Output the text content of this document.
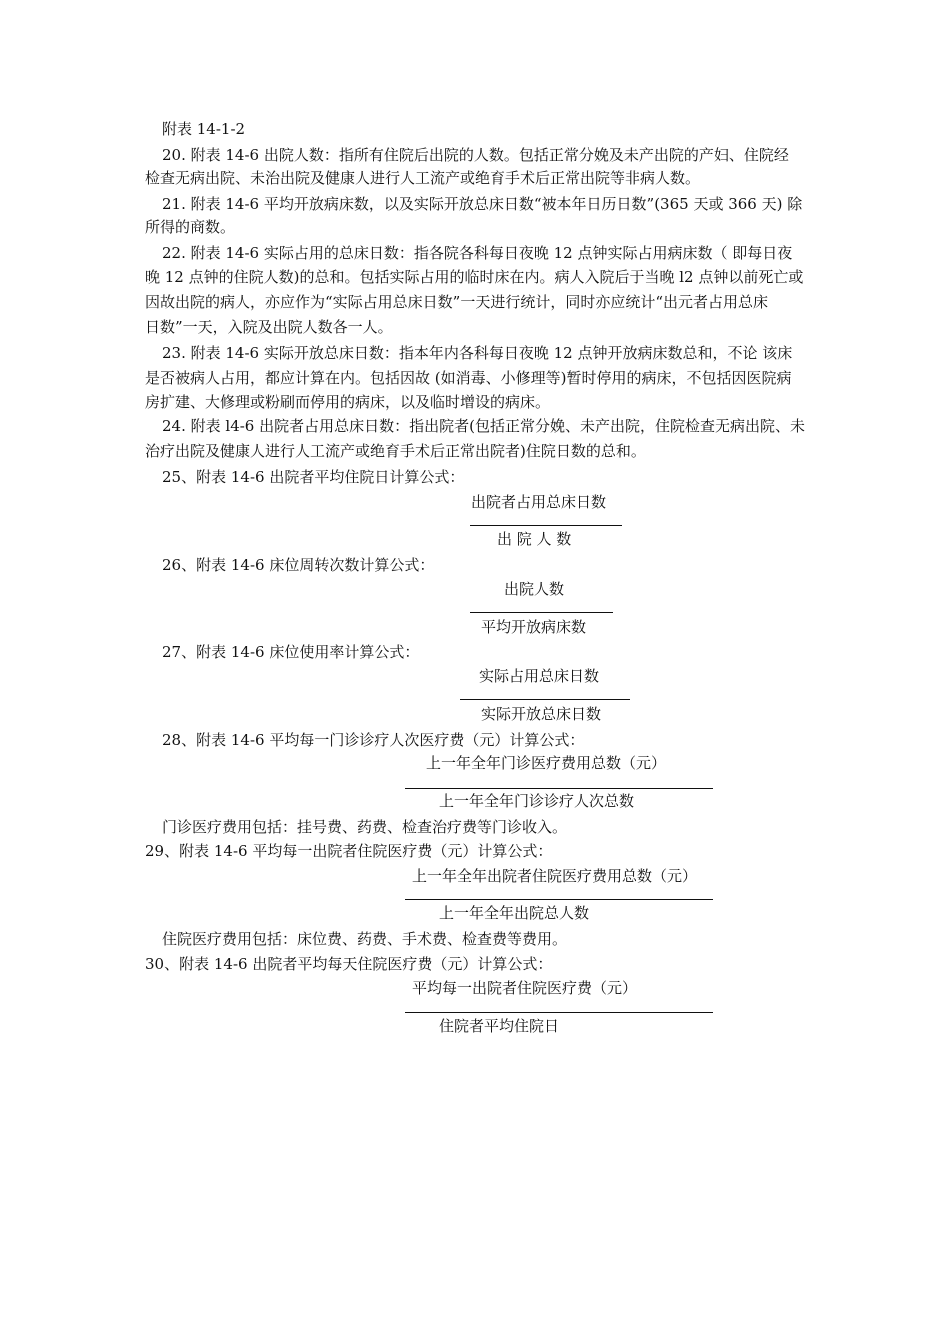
附表 14-1-2
20. 附表 14-6 出院人数：指所有住院后出院的人数。包括正常分娩及未产出院的产妇、住院经
检查无病出院、未治出院及健康人进行人工流产或绝育手术后正常出院等非病人数。
21. 附表 14-6 平均开放病床数，以及实际开放总床日数“被本年日历日数”(365 天或 366 天) 除
所得的商数。
22. 附表 14-6 实际占用的总床日数：指各院各科每日夜晚 12 点钟实际占用病床数（ 即每日夜
晚 12 点钟的住院人数)的总和。包括实际占用的临时床在内。病人入院后于当晚 l2 点钟以前死亡或
因故出院的病人，亦应作为“实际占用总床日数”一天进行统计，同时亦应统计“出元者占用总床
日数”一天，入院及出院人数各一人。
23. 附表 14-6 实际开放总床日数：指本年内各科每日夜晚 12 点钟开放病床数总和，不论 该床
是否被病人占用，都应计算在内。包括因故 (如消毒、小修理等)暂时停用的病床，不包括因医院病
房扩建、大修理或粉刷而停用的病床，以及临时增设的病床。
24. 附表 l4-6 出院者占用总床日数：指出院者(包括正常分娩、未产出院，住院检查无病出院、未
治疗出院及健康人进行人工流产或绝育手术后正常出院者)住院日数的总和。
25、附表 14-6 出院者平均住院日计算公式：
出院者占用总床日数
出 院 人 数
26、附表 14-6 床位周转次数计算公式：
出院人数
平均开放病床数
27、附表 14-6 床位使用率计算公式：
实际占用总床日数
实际开放总床日数
28、附表 14-6 平均每一门诊诊疗人次医疗费（元）计算公式：
上一年全年门诊医疗费用总数（元）
上一年全年门诊诊疗人次总数
门诊医疗费用包括：挂号费、药费、检查治疗费等门诊收入。
29、附表 14-6 平均每一出院者住院医疗费（元）计算公式：
上一年全年出院者住院医疗费用总数（元）
上一年全年出院总人数
住院医疗费用包括：床位费、药费、手术费、检查费等费用。
30、附表 14-6 出院者平均每天住院医疗费（元）计算公式：
平均每一出院者住院医疗费（元）
住院者平均住院日
